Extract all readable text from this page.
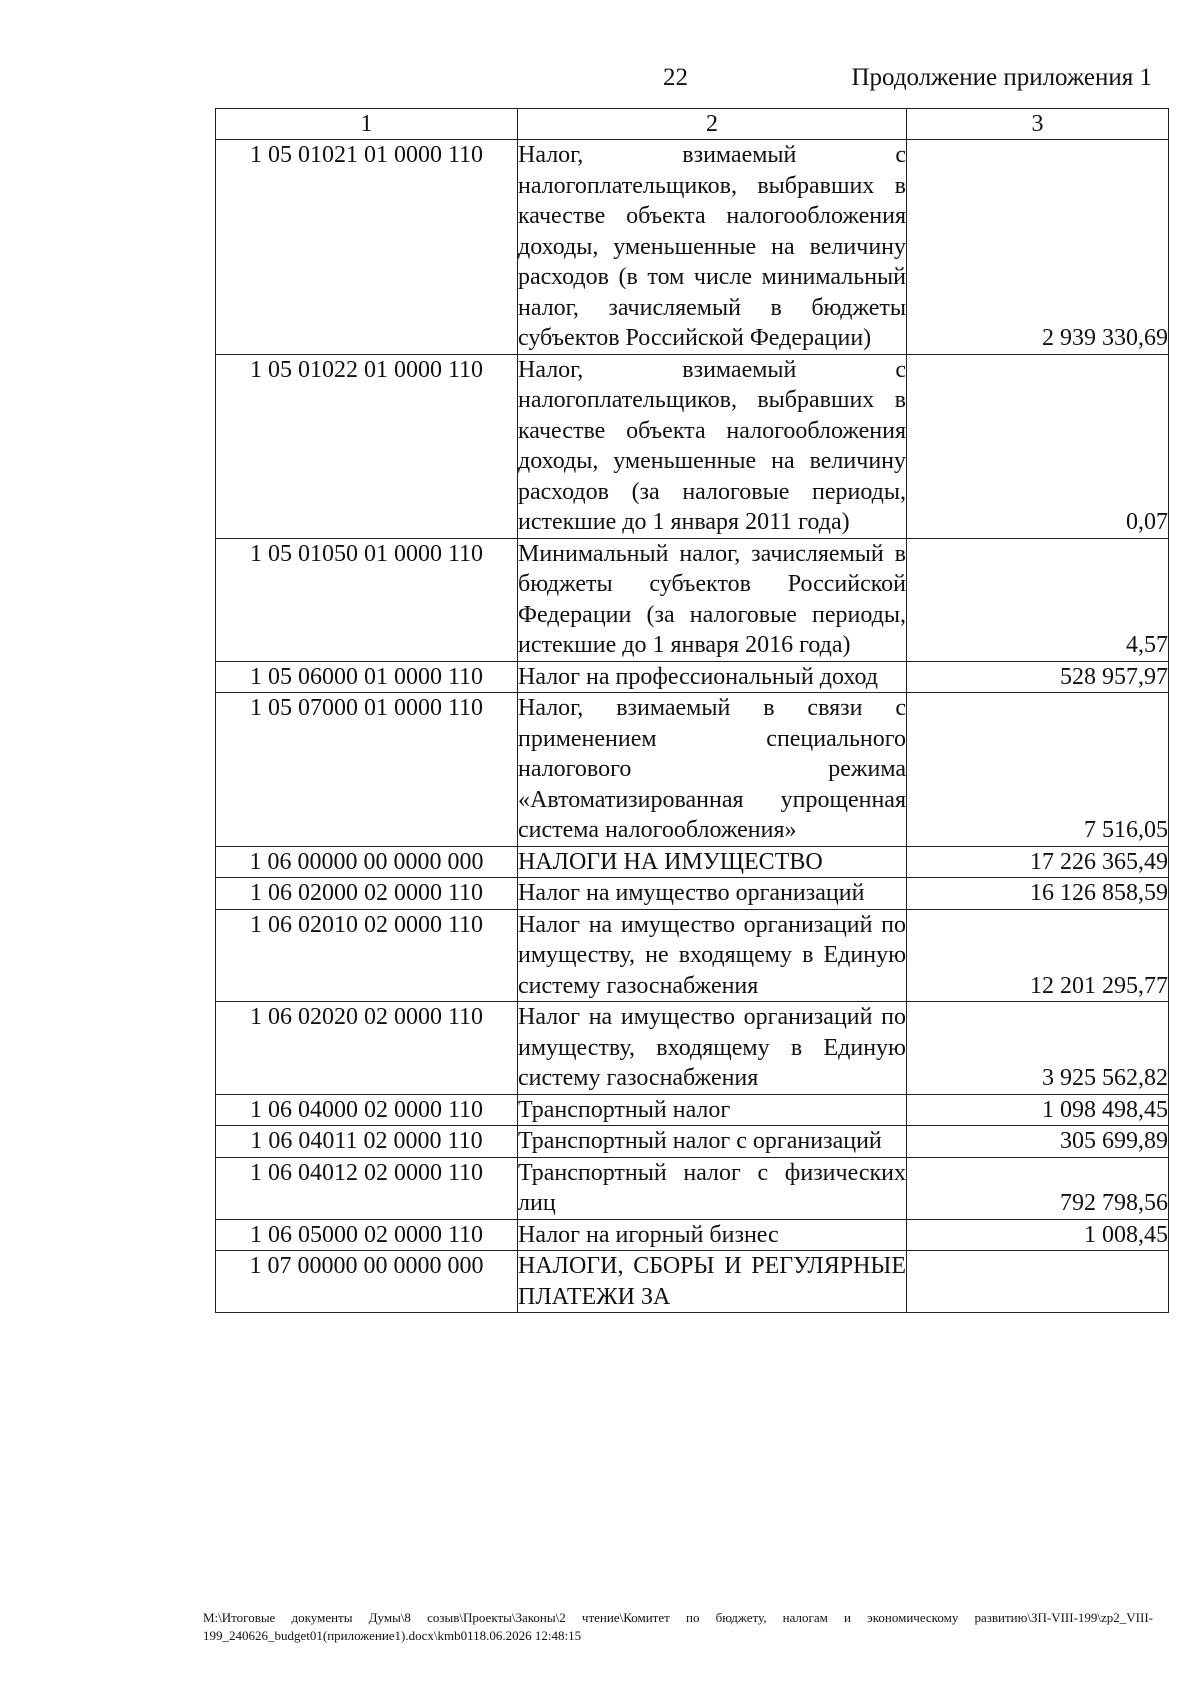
22	Продолжение приложения 1
1	2	3
1 05 01021 01 0000 110	Налог, взимаемый с налогоплательщиков, выбравших в качестве объекта налогообложения доходы, уменьшенные на величину расходов (в том числе минимальный налог, зачисляемый в бюджеты субъектов Российской Федерации)	2 939 330,69
1 05 01022 01 0000 110	Налог, взимаемый с налогоплательщиков, выбравших в качестве объекта налогообложения доходы, уменьшенные на величину расходов (за налоговые периоды, истекшие до 1 января 2011 года)	0,07
1 05 01050 01 0000 110	Минимальный налог, зачисляемый в бюджеты субъектов Российской Федерации (за налоговые периоды, истекшие до 1 января 2016 года)	4,57
1 05 06000 01 0000 110	Налог на профессиональный доход	528 957,97
1 05 07000 01 0000 110	Налог, взимаемый в связи с применением специального налогового режима «Автоматизированная упрощенная система налогообложения»	7 516,05
1 06 00000 00 0000 000	НАЛОГИ НА ИМУЩЕСТВО	17 226 365,49
1 06 02000 02 0000 110	Налог на имущество организаций	16 126 858,59
1 06 02010 02 0000 110	Налог на имущество организаций по имуществу, не входящему в Единую систему газоснабжения	12 201 295,77
1 06 02020 02 0000 110	Налог на имущество организаций по имуществу, входящему в Единую систему газоснабжения	3 925 562,82
1 06 04000 02 0000 110	Транспортный налог	1 098 498,45
1 06 04011 02 0000 110	Транспортный налог с организаций	305 699,89
1 06 04012 02 0000 110	Транспортный налог с физических лиц	792 798,56
1 06 05000 02 0000 110	Налог на игорный бизнес	1 008,45
1 07 00000 00 0000 000	НАЛОГИ, СБОРЫ И РЕГУЛЯРНЫЕ ПЛАТЕЖИ ЗА	
M:\Итоговые документы Думы\8 созыв\Проекты\Законы\2 чтение\Комитет по бюджету, налогам и экономическому развитию\ЗП-VIII-199\zp2_VIII-199_240626_budget01(приложение1).docx\kmb0118.06.2026 12:48:15
